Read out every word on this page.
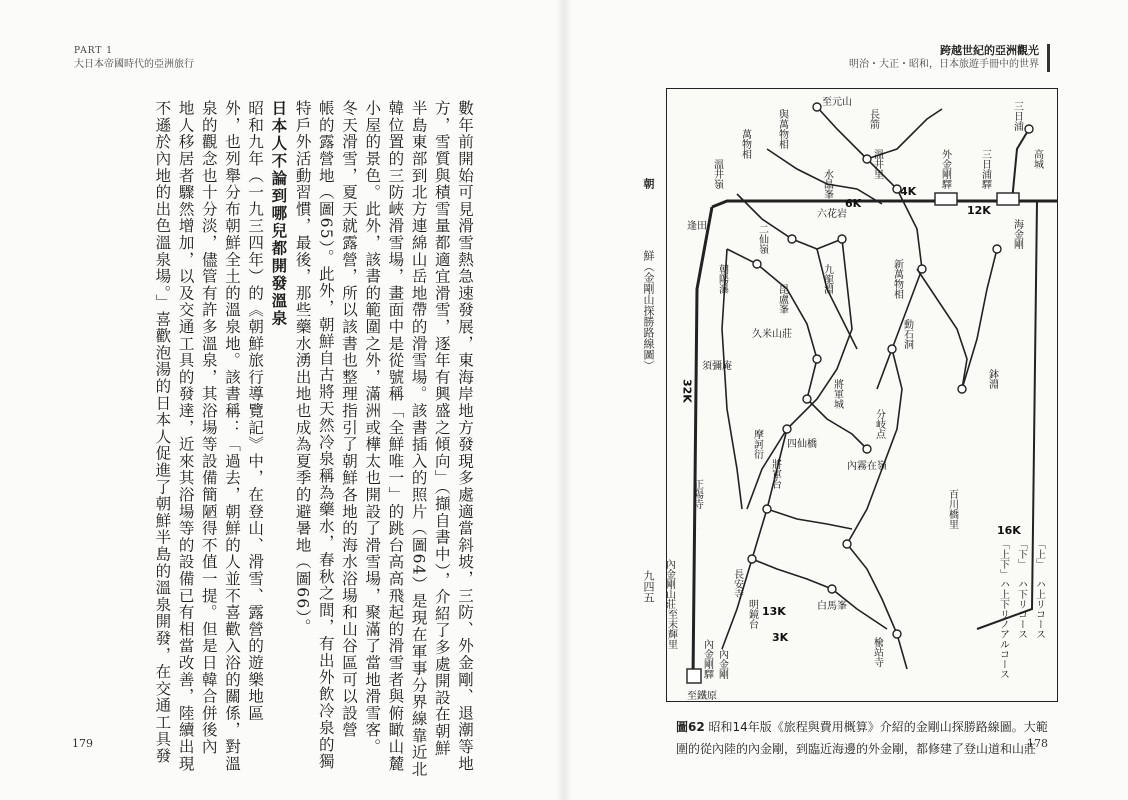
PART 1
大日本帝國時代的亞洲旅行
數年前開始可見滑雪熱急速發展，東海岸地方發現多處適當斜坡，三防、外金剛、退潮等地
方，雪質與積雪量都適宜滑雪，逐年有興盛之傾向」（擷自書中），介紹了多處開設在朝鮮
半島東部到北方連綿山岳地帶的滑雪場。該書插入的照片（圖64）是現在軍事分界線靠近北
韓位置的三防峽滑雪場，畫面中是從號稱「全鮮唯一」的跳台高高飛起的滑雪者與俯瞰山麓
小屋的景色。此外，該書的範圍之外，滿洲或樺太也開設了滑雪場，聚滿了當地滑雪客。
冬天滑雪，夏天就露營，所以該書也整理指引了朝鮮各地的海水浴場和山谷區可以設營
帳的露營地（圖65）。此外，朝鮮自古將天然冷泉稱為藥水，春秋之間，有出外飲冷泉的獨
特戶外活動習慣，最後，那些藥水湧出地也成為夏季的避暑地（圖66）。
日本人不論到哪兒都開發溫泉
昭和九年（一九三四年）的《朝鮮旅行導覽記》中，在登山、滑雪、露營的遊樂地區
外，也列舉分布朝鮮全土的溫泉地。該書稱：「過去，朝鮮的人並不喜歡入浴的關係，對溫
泉的觀念也十分淡，儘管有許多溫泉，其浴場等設備簡陋得不值一提。但是日韓合併後內
地人移居者驟然增加，以及交通工具的發達，近來其浴場等的設備已有相當改善，陸續出現
不遜於內地的出色溫泉場。」喜歡泡湯的日本人促進了朝鮮半島的溫泉開發，在交通工具發
179
跨越世紀的亞洲觀光
明治・大正・昭和，日本旅遊手冊中的世界
178
朝
鮮（金剛山探勝路線圖）
九四五
至元山
長箭	三日浦
高城
萬物相	與萬物相
溫井嶺	水晶峯	外金剛驛	三日浦驛
海金剛
溫井里
六花岩
二仙嶺
逢田
九龍淵	新萬物相
朝陽瀑
毘盧峯
動石洞
久米山莊
須彌庵
鉢淵
將軍城
分岐点
四仙橋
內霧在嶺
摩訶衍
正陽寺	百川橋里
將軍台
內金剛山莊	長安寺
白馬峯
明鏡台
楡站寺
內金剛驛
至鐵原
至末輝里
內金剛
4K
12K
6K
32K
16K
13K
3K
「上」
ハ上リコース
「下」
ハ下リコース
「上下」
ハ上下リノアルコース
圖62 昭和14年版《旅程與費用概算》介紹的金剛山探勝路線圖。大範圍的從內陸的內金剛，到臨近海邊的外金剛，都修建了登山道和山莊
